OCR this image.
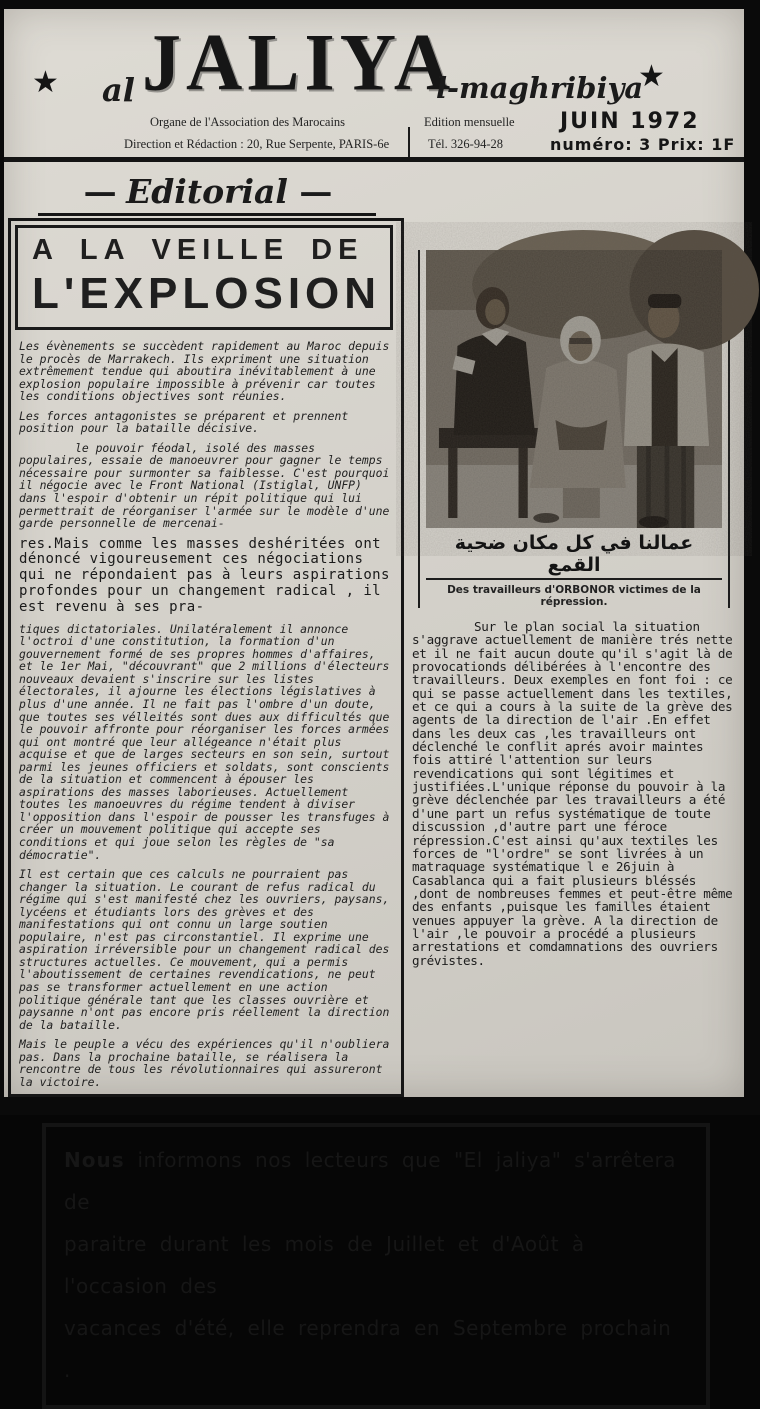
★	★
al JALIYA
l-maghribiya
Organe de l'Association des Marocains	Edition mensuelle
Direction et Rédaction : 20, Rue Serpente, PARIS-6e	Tél. 326-94-28
JUIN 1972
numéro: 3 Prix: 1F
— Editorial —
A LA VEILLE DE
L'EXPLOSION

Les évènements se succèdent rapidement au Maroc depuis le procès de Marrakech. Ils expriment une situation extrêmement tendue qui aboutira inévitablement à une explosion populaire impossible à prévenir car toutes les conditions objectives sont réunies.

Les forces antagonistes se préparent et prennent position pour la bataille décisive.

le pouvoir féodal, isolé des masses populaires, essaie de manoeuvrer pour gagner le temps nécessaire pour surmonter sa faiblesse. C'est pourquoi il négocie avec le Front National (Istiglal, UNFP) dans l'espoir d'obtenir un répit politique qui lui permettrait de réorganiser l'armée sur le modèle d'une garde personnelle de mercenai-

res.Mais comme les masses deshéritées ont dénoncé vigoureusement ces négociations qui ne répondaient pas à leurs aspirations profondes pour un changement radical , il est revenu à ses pra-

tiques dictatoriales. Unilatéralement il annonce l'octroi d'une constitution, la formation d'un gouvernement formé de ses propres hommes d'affaires, et le 1er Mai, "découvrant" que 2 millions d'électeurs nouveaux devaient s'inscrire sur les listes électorales, il ajourne les élections législatives à plus d'une année. Il ne fait pas l'ombre d'un doute, que toutes ses vélleités sont dues aux difficultés que le pouvoir affronte pour réorganiser les forces armées qui ont montré que leur allégeance n'était plus acquise et que de larges secteurs en son sein, surtout parmi les jeunes officiers et soldats, sont conscients de la situation et commencent à épouser les aspirations des masses laborieuses. Actuellement toutes les manoeuvres du régime tendent à diviser l'opposition dans l'espoir de pousser les transfuges à créer un mouvement politique qui accepte ses conditions et qui joue selon les règles de "sa démocratie".

Il est certain que ces calculs ne pourraient pas changer la situation. Le courant de refus radical du régime qui s'est manifesté chez les ouvriers, paysans, lycéens et étudiants lors des grèves et des manifestations qui ont connu un large soutien populaire, n'est pas circonstantiel. Il exprime une aspiration irréversible pour un changement radical des structures actuelles. Ce mouvement, qui a permis l'aboutissement de certaines revendications, ne peut pas se transformer actuellement en une action politique générale tant que les classes ouvrière et paysanne n'ont pas encore pris réellement la direction de la bataille.

Mais le peuple a vécu des expériences qu'il n'oubliera pas. Dans la prochaine bataille, se réalisera la rencontre de tous les révolutionnaires qui assureront la victoire.

عمالنا في كل مكان ضحية القمع
Des travailleurs d'ORBONOR victimes de la répression.

Sur le plan social la situation s'aggrave actuellement de manière trés nette et il ne fait aucun doute qu'il s'agit là de provocationds délibérées à l'encontre des travailleurs. Deux exemples en font foi : ce qui se passe actuellement dans les textiles, et ce qui a cours à la suite de la grève des agents de la direction de l'air .En effet dans les deux cas ,les travailleurs ont déclenché le conflit aprés avoir maintes fois attiré l'attention sur leurs revendications qui sont légitimes et justifiées.L'unique réponse du pouvoir à la grève déclenchée par les travailleurs a été d'une part un refus systématique de toute discussion ,d'autre part une féroce répression.C'est ainsi qu'aux textiles les forces de "l'ordre" se sont livrées à un matraquage systématique l e 26juin à Casablanca qui a fait plusieurs bléssés ,dont de nombreuses femmes et peut-être même des enfants ,puisque les familles étaient venues appuyer la grève. A la direction de l'air ,le pouvoir a procédé a plusieurs arrestations et comdamnations des ouvriers grévistes.

Nous informons nos lecteurs que "El jaliya" s'arrêtera de
paraitre durant les mois de Juillet et d'Août à l'occasion des
vacances d'été, elle reprendra en Septembre prochain .
